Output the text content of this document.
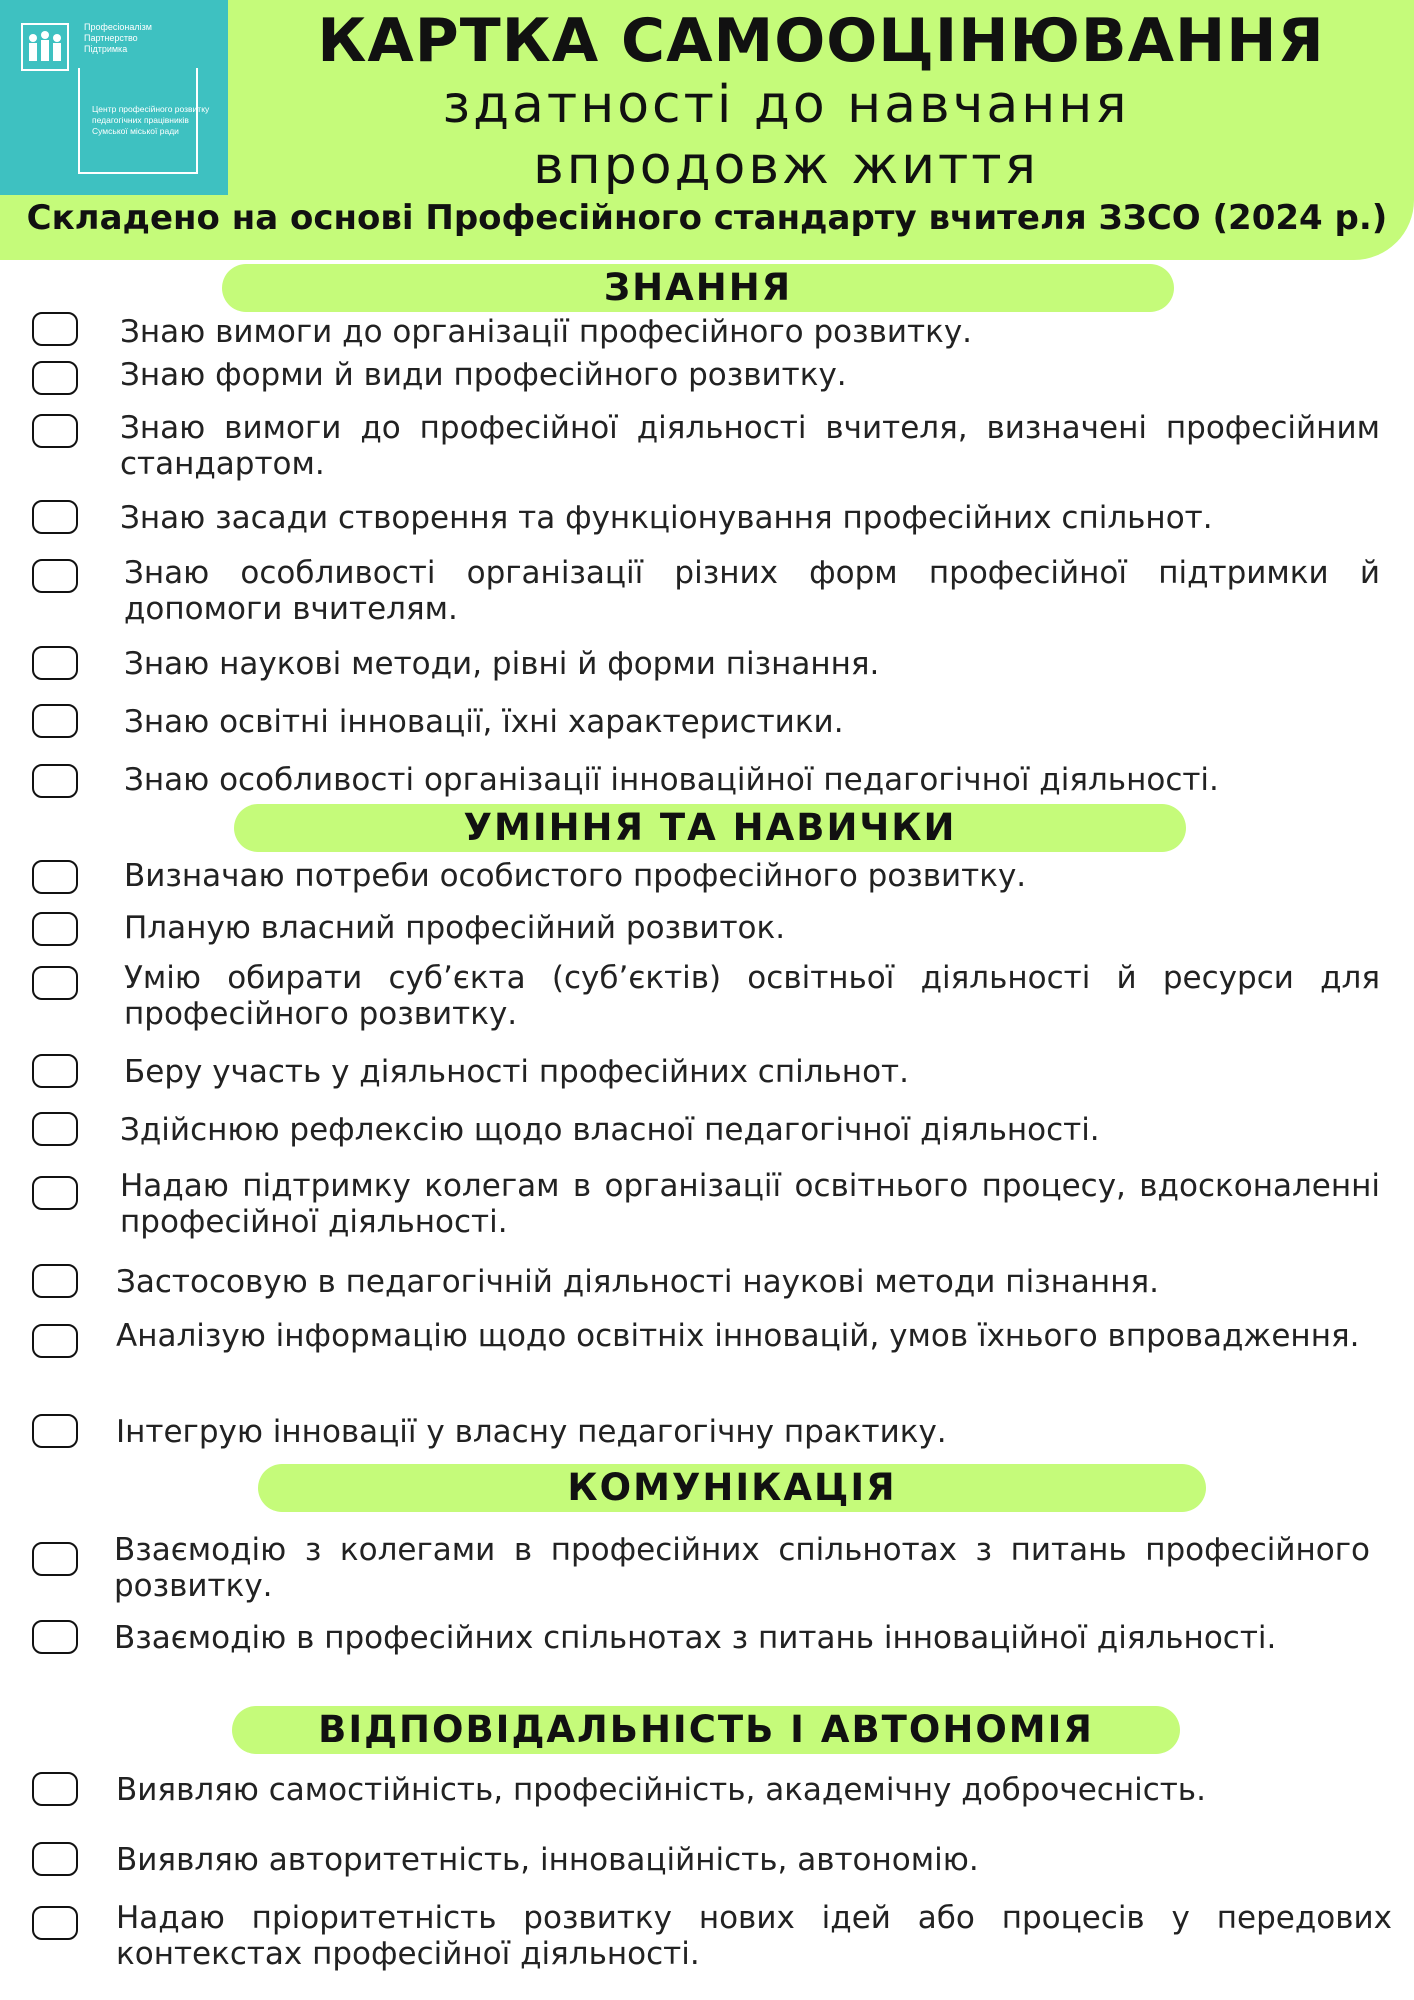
Професіоналізм
Партнерство
Підтримка
Центр професійного розвитку
педагогічних працівників
Сумської міської ради
КАРТКА САМООЦІНЮВАННЯ
здатності до навчання
впродовж життя
Складено на основі Професійного стандарту вчителя ЗЗСО (2024 р.)
ЗНАННЯ
Знаю вимоги до організації професійного розвитку.
Знаю форми й види професійного розвитку.
Знаю вимоги до професійної діяльності вчителя, визначені професійним стандартом.
Знаю засади створення та функціонування професійних спільнот.
Знаю особливості організації різних форм професійної підтримки й допомоги вчителям.
Знаю наукові методи, рівні й форми пізнання.
Знаю освітні інновації, їхні характеристики.
Знаю особливості організації інноваційної педагогічної діяльності.
УМІННЯ ТА НАВИЧКИ
Визначаю потреби особистого професійного розвитку.
Планую власний професійний розвиток.
Умію обирати суб’єкта (суб’єктів) освітньої діяльності й ресурси для професійного розвитку.
Беру участь у діяльності професійних спільнот.
Здійснюю рефлексію щодо власної педагогічної діяльності.
Надаю підтримку колегам в організації освітнього процесу, вдосконаленні професійної діяльності.
Застосовую в педагогічній діяльності наукові методи пізнання.
Аналізую інформацію щодо освітніх інновацій, умов їхнього впровадження.
Інтегрую інновації у власну педагогічну практику.
КОМУНІКАЦІЯ
Взаємодію з колегами в професійних спільнотах з питань професійного розвитку.
Взаємодію в професійних спільнотах з питань інноваційної діяльності.
ВІДПОВІДАЛЬНІСТЬ І АВТОНОМІЯ
Виявляю самостійність, професійність, академічну доброчесність.
Виявляю авторитетність, інноваційність, автономію.
Надаю пріоритетність розвитку нових ідей або процесів у передових контекстах професійної діяльності.
